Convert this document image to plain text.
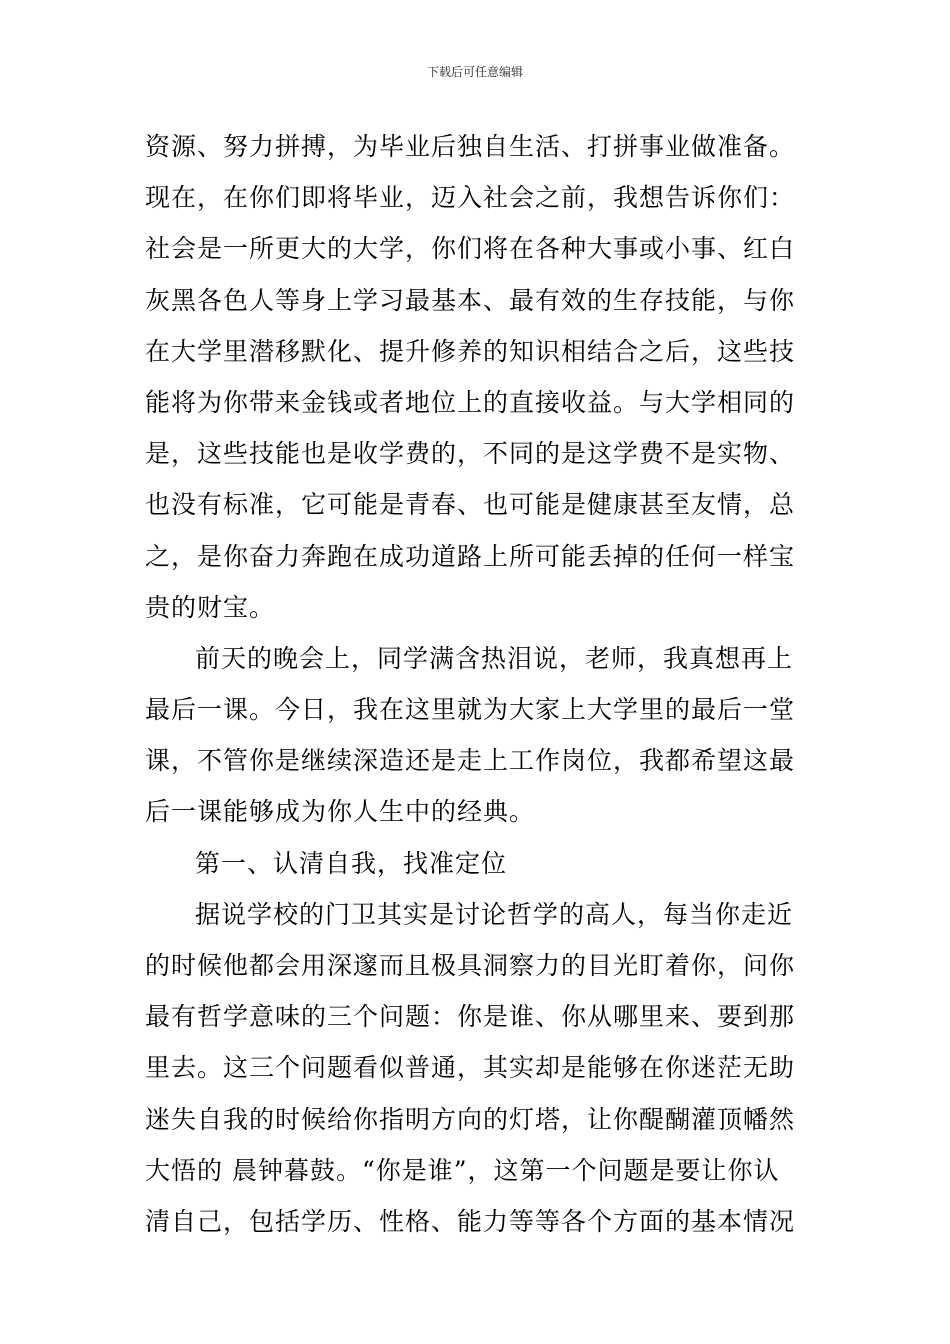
下载后可任意编辑
资源、努力拼搏，为毕业后独自生活、打拼事业做准备。
现在，在你们即将毕业，迈入社会之前，我想告诉你们：
社会是一所更大的大学，你们将在各种大事或小事、红白
灰黑各色人等身上学习最基本、最有效的生存技能，与你
在大学里潜移默化、提升修养的知识相结合之后，这些技
能将为你带来金钱或者地位上的直接收益。与大学相同的
是，这些技能也是收学费的，不同的是这学费不是实物、
也没有标准，它可能是青春、也可能是健康甚至友情，总
之，是你奋力奔跑在成功道路上所可能丢掉的任何一样宝
贵的财宝。
前天的晚会上，同学满含热泪说，老师，我真想再上
最后一课。今日，我在这里就为大家上大学里的最后一堂
课，不管你是继续深造还是走上工作岗位，我都希望这最
后一课能够成为你人生中的经典。
第一、认清自我，找准定位
据说学校的门卫其实是讨论哲学的高人，每当你走近
的时候他都会用深邃而且极具洞察力的目光盯着你，问你
最有哲学意味的三个问题：你是谁、你从哪里来、要到那
里去。这三个问题看似普通，其实却是能够在你迷茫无助
迷失自我的时候给你指明方向的灯塔，让你醍醐灌顶幡然
大悟的 晨钟暮鼓。“你是谁”，这第一个问题是要让你认
清自己，包括学历、性格、能力等等各个方面的基本情况
